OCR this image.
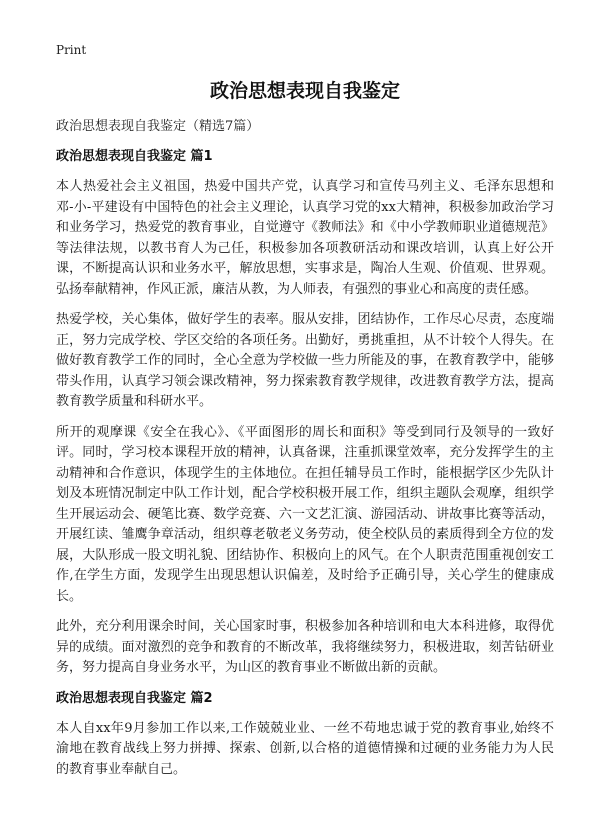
Print
政治思想表现自我鉴定
政治思想表现自我鉴定（精选7篇）
政治思想表现自我鉴定 篇1

本人热爱社会主义祖国，热爱中国共产党，认真学习和宣传马列主义、毛泽东思想和邓-小-平建设有中国特色的社会主义理论，认真学习党的xx大精神，积极参加政治学习和业务学习，热爱党的教育事业，自觉遵守《教师法》和《中小学教师职业道德规范》等法律法规，以教书育人为己任，积极参加各项教研活动和课改培训，认真上好公开课，不断提高认识和业务水平，解放思想，实事求是，陶冶人生观、价值观、世界观。弘扬奉献精神，作风正派，廉洁从教，为人师表，有强烈的事业心和高度的责任感。

热爱学校，关心集体，做好学生的表率。服从安排，团结协作，工作尽心尽责，态度端正，努力完成学校、学区交给的各项任务。出勤好，勇挑重担，从不计较个人得失。在做好教育教学工作的同时，全心全意为学校做一些力所能及的事，在教育教学中，能够带头作用，认真学习领会课改精神，努力探索教育教学规律，改进教育教学方法，提高教育教学质量和科研水平。

所开的观摩课《安全在我心》、《平面图形的周长和面积》等受到同行及领导的一致好评。同时，学习校本课程开放的精神，认真备课，注重抓课堂效率，充分发挥学生的主动精神和合作意识，体现学生的主体地位。在担任辅导员工作时，能根据学区少先队计划及本班情况制定中队工作计划，配合学校积极开展工作，组织主题队会观摩，组织学生开展运动会、硬笔比赛、数学竞赛、六一文艺汇演、游园活动、讲故事比赛等活动，开展红读、雏鹰争章活动，组织尊老敬老义务劳动，使全校队员的素质得到全方位的发展，大队形成一股文明礼貌、团结协作、积极向上的风气。在个人职责范围重视创安工作,在学生方面，发现学生出现思想认识偏差，及时给予正确引导，关心学生的健康成长。

此外，充分利用课余时间，关心国家时事，积极参加各种培训和电大本科进修，取得优异的成绩。面对激烈的竞争和教育的不断改革，我将继续努力，积极进取，刻苦钻研业务，努力提高自身业务水平，为山区的教育事业不断做出新的贡献。

政治思想表现自我鉴定 篇2

本人自xx年9月参加工作以来,工作兢兢业业、一丝不苟地忠诚于党的教育事业,始终不渝地在教育战线上努力拼搏、探索、创新,以合格的道德情操和过硬的业务能力为人民的教育事业奉献自己。
